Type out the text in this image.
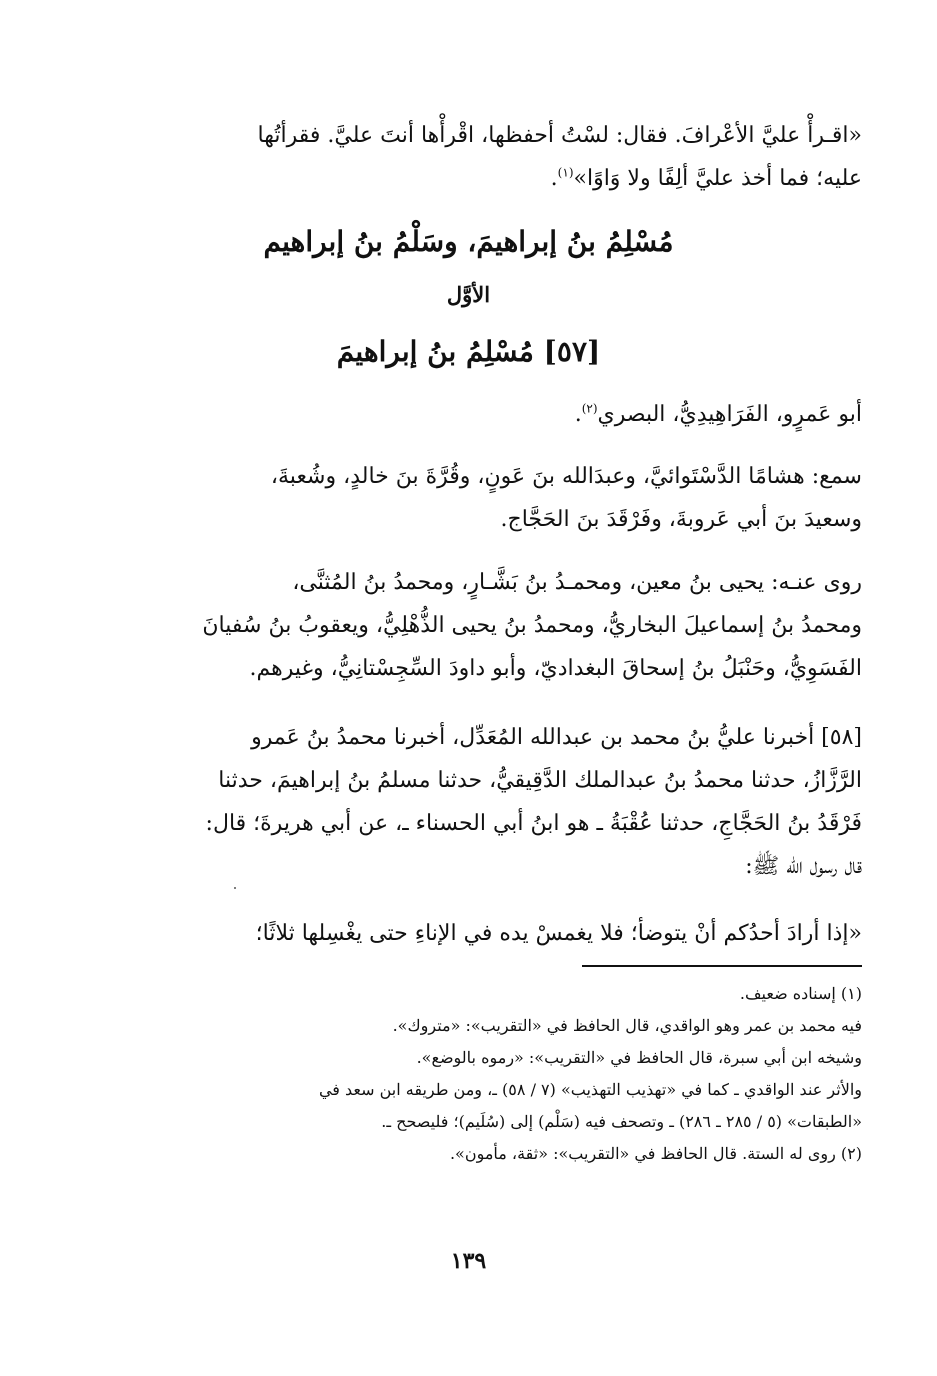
«اقـرأْ عليَّ الأعْرافَ. فقال: لسْتُ أحفظها، اقْرأْها أنتَ عليَّ. فقرأتُها
عليه؛ فما أخذ عليَّ ألِفًا ولا وَاوًا»$^{(١)}$.
مُسْلِمُ بنُ إبراهيمَ، وسَلْمُ بنُ إبراهيم
الأوَّل
[٥٧] مُسْلِمُ بنُ إبراهيمَ
أبو عَمرٍو، الفَرَاهِيدِيُّ، البصري$^{(٢)}$.
سمع: هشامًا الدَّسْتَوائيَّ، وعبدَالله بنَ عَونٍ، وقُرَّةَ بنَ خالدٍ، وشُعبةَ،
وسعيدَ بنَ أبي عَروبةَ، وفَرْقَدَ بنَ الحَجَّاج.
روى عنـه: يحيى بنُ معين، ومحمـدُ بنُ بَشَّـارٍ، ومحمدُ بنُ المُثنَّى،
ومحمدُ بنُ إسماعيلَ البخاريُّ، ومحمدُ بنُ يحيى الذُّهْلِيُّ، ويعقوبُ بنُ سُفيانَ
الفَسَوِيُّ، وحَنْبَلُ بنُ إسحاقَ البغداديّ، وأبو داودَ السِّجِسْتانِيُّ، وغيرهم.
[٥٨] أخبرنا عليُّ بنُ محمد بن عبدالله المُعَدِّل، أخبرنا محمدُ بنُ عَمرو
الرَّزَّازُ، حدثنا محمدُ بنُ عبدالملك الدَّقِيقيُّ، حدثنا مسلمُ بنُ إبراهيمَ، حدثنا
فَرْقَدُ بنُ الحَجَّاجِ، حدثنا عُقْبَةُ ـ هو ابنُ أبي الحسناء ـ، عن أبي هريرةَ؛ قال:
قال رسول الله ﷺ:
«إذا أرادَ أحدُكم أنْ يتوضأ؛ فلا يغمسْ يده في الإناءِ حتى يغْسِلها ثلاثًا؛
(١) إسناده ضعيف.
فيه محمد بن عمر وهو الواقدي، قال الحافظ في «التقريب»: «متروك».
وشيخه ابن أبي سبرة، قال الحافظ في «التقريب»: «رموه بالوضع».
والأثر عند الواقدي ـ كما في «تهذيب التهذيب» (٧ / ٥٨) ـ، ومن طريقه ابن سعد في
«الطبقات» (٥ / ٢٨٥ ـ ٢٨٦) ـ وتصحف فيه (سَلْم) إلى (سُلَيم)؛ فليصحح ـ.
(٢) روى له الستة. قال الحافظ في «التقريب»: «ثقة، مأمون».
١٣٩
